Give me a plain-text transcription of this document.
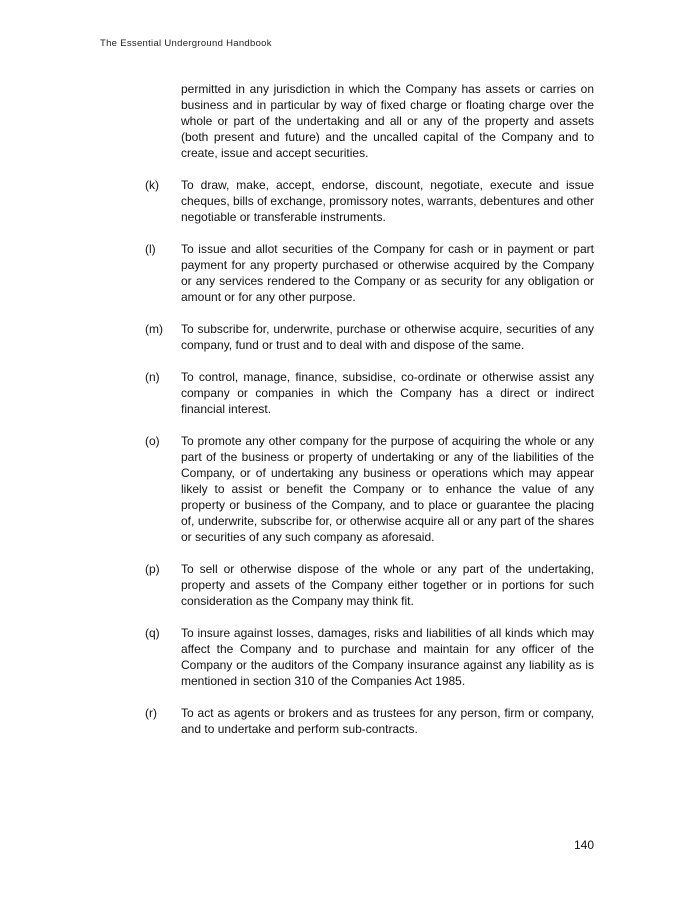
The Essential Underground Handbook
permitted in any jurisdiction in which the Company has assets or carries on business and in particular by way of fixed charge or floating charge over the whole or part of the undertaking and all or any of the property and assets (both present and future) and the uncalled capital of the Company and to create, issue and accept securities.
(k)	To draw, make, accept, endorse, discount, negotiate, execute and issue cheques, bills of exchange, promissory notes, warrants, debentures and other negotiable or transferable instruments.
(l)	To issue and allot securities of the Company for cash or in payment or part payment for any property purchased or otherwise acquired by the Company or any services rendered to the Company or as security for any obligation or amount or for any other purpose.
(m)	To subscribe for, underwrite, purchase or otherwise acquire, securities of any company, fund or trust and to deal with and dispose of the same.
(n)	To control, manage, finance, subsidise, co-ordinate or otherwise assist any company or companies in which the Company has a direct or indirect financial interest.
(o)	To promote any other company for the purpose of acquiring the whole or any part of the business or property of undertaking or any of the liabilities of the Company, or of undertaking any business or operations which may appear likely to assist or benefit the Company or to enhance the value of any property or business of the Company, and to place or guarantee the placing of, underwrite, subscribe for, or otherwise acquire all or any part of the shares or securities of any such company as aforesaid.
(p)	To sell or otherwise dispose of the whole or any part of the undertaking, property and assets of the Company either together or in portions for such consideration as the Company may think fit.
(q)	To insure against losses, damages, risks and liabilities of all kinds which may affect the Company and to purchase and maintain for any officer of the Company or the auditors of the Company insurance against any liability as is mentioned in section 310 of the Companies Act 1985.
(r)	To act as agents or brokers and as trustees for any person, firm or company, and to undertake and perform sub-contracts.
140
